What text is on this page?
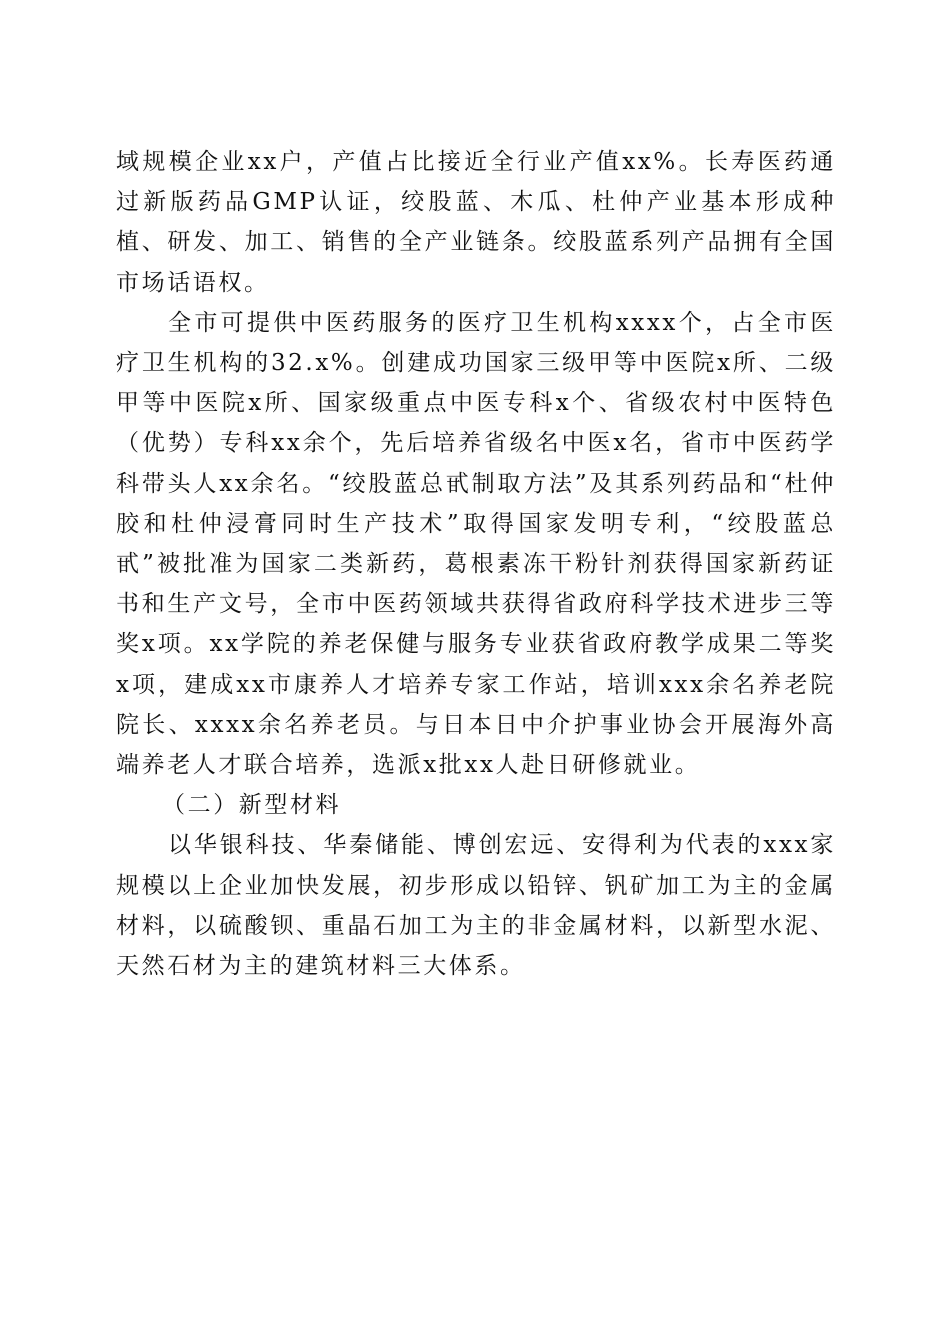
域规模企业xx户，产值占比接近全行业产值xx%。长寿医药通过新版药品GMP认证，绞股蓝、木瓜、杜仲产业基本形成种植、研发、加工、销售的全产业链条。绞股蓝系列产品拥有全国市场话语权。

全市可提供中医药服务的医疗卫生机构xxxx个，占全市医疗卫生机构的32.x%。创建成功国家三级甲等中医院x所、二级甲等中医院x所、国家级重点中医专科x个、省级农村中医特色（优势）专科xx余个，先后培养省级名中医x名，省市中医药学科带头人xx余名。“绞股蓝总甙制取方法”及其系列药品和“杜仲胶和杜仲浸膏同时生产技术”取得国家发明专利，“绞股蓝总甙”被批准为国家二类新药，葛根素冻干粉针剂获得国家新药证书和生产文号，全市中医药领域共获得省政府科学技术进步三等奖x项。xx学院的养老保健与服务专业获省政府教学成果二等奖x项，建成xx市康养人才培养专家工作站，培训xxx余名养老院院长、xxxx余名养老员。与日本日中介护事业协会开展海外高端养老人才联合培养，选派x批xx人赴日研修就业。

（二）新型材料

以华银科技、华秦储能、博创宏远、安得利为代表的xxx家规模以上企业加快发展，初步形成以铅锌、钒矿加工为主的金属材料，以硫酸钡、重晶石加工为主的非金属材料，以新型水泥、天然石材为主的建筑材料三大体系。
